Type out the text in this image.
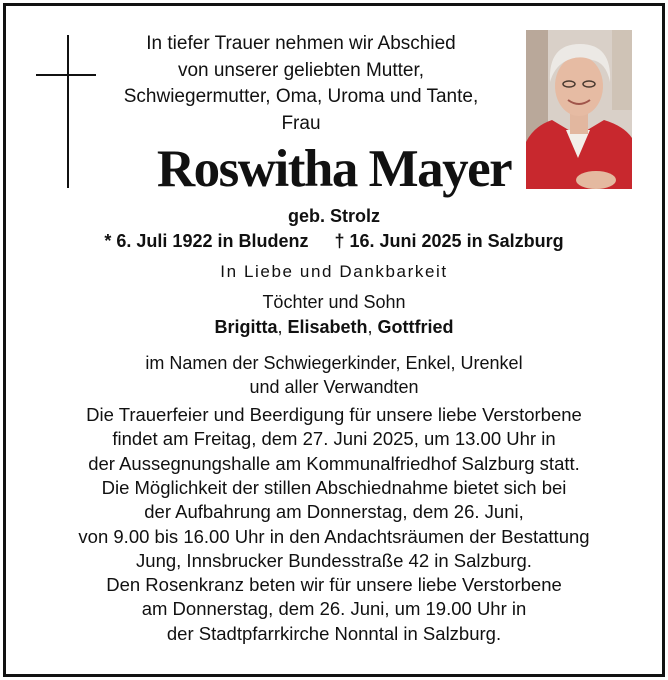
In tiefer Trauer nehmen wir Abschied
von unserer geliebten Mutter,
Schwiegermutter, Oma, Uroma und Tante,
Frau
Roswitha Mayer
geb. Strolz
* 6. Juli 1922 in Bludenz † 16. Juni 2025 in Salzburg
In Liebe und Dankbarkeit
Töchter und Sohn
Brigitta, Elisabeth, Gottfried
im Namen der Schwiegerkinder, Enkel, Urenkel
und aller Verwandten
Die Trauerfeier und Beerdigung für unsere liebe Verstorbene
findet am Freitag, dem 27. Juni 2025, um 13.00 Uhr in
der Aussegnungshalle am Kommunalfriedhof Salzburg statt.
Die Möglichkeit der stillen Abschiednahme bietet sich bei
der Aufbahrung am Donnerstag, dem 26. Juni,
von 9.00 bis 16.00 Uhr in den Andachtsräumen der Bestattung
Jung, Innsbrucker Bundesstraße 42 in Salzburg.
Den Rosenkranz beten wir für unsere liebe Verstorbene
am Donnerstag, dem 26. Juni, um 19.00 Uhr in
der Stadtpfarrkirche Nonntal in Salzburg.
